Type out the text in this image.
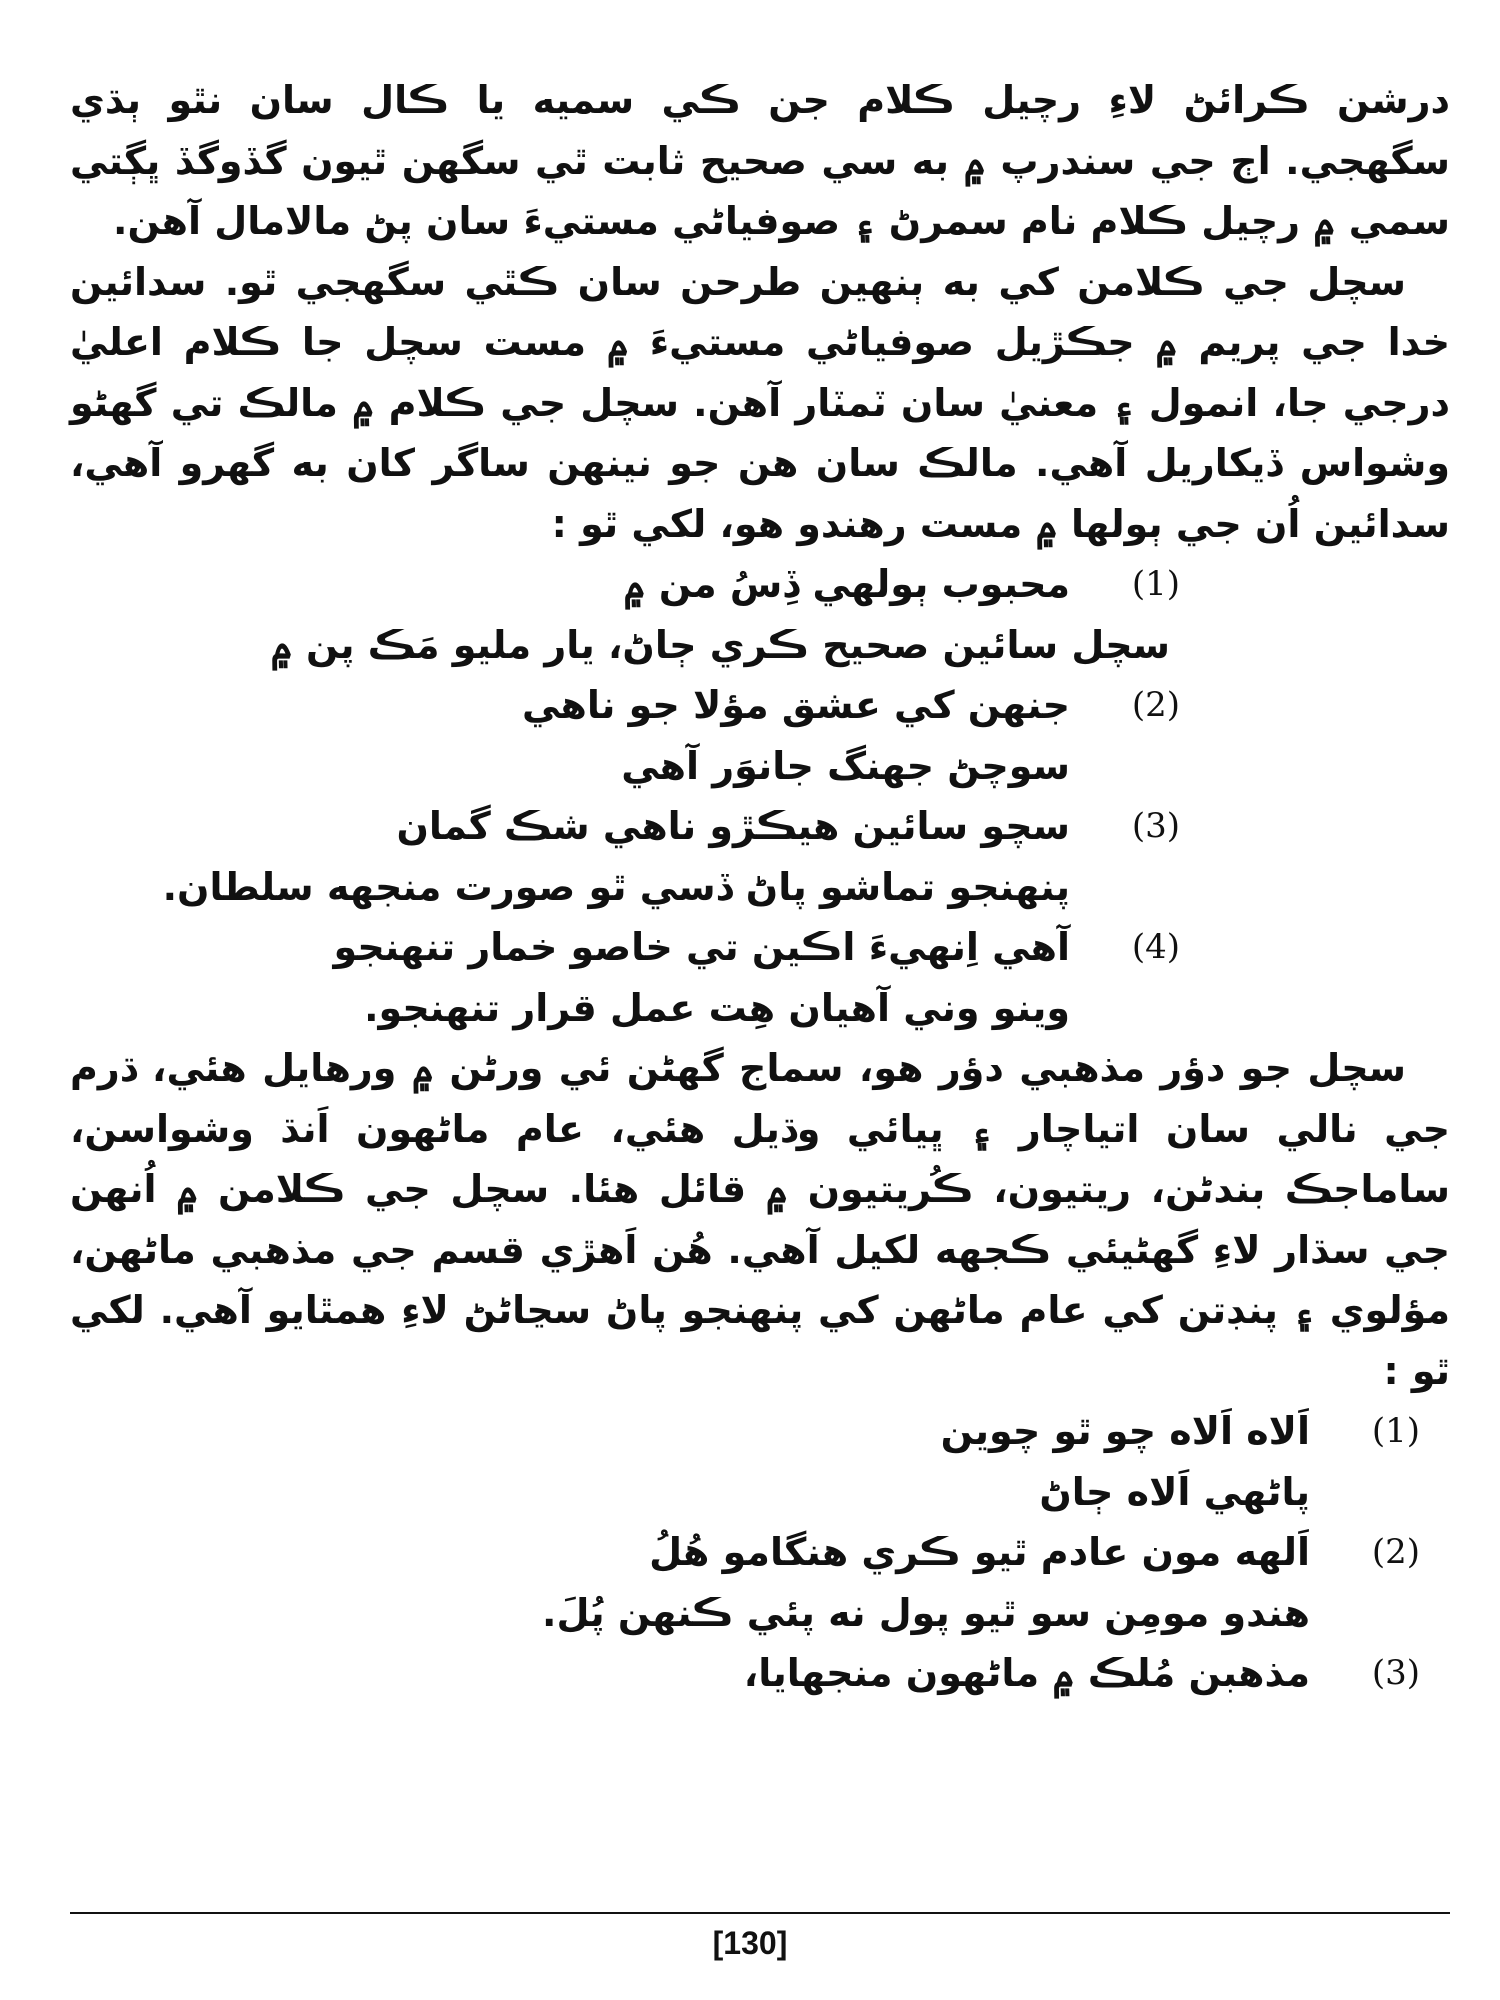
درشن ڪرائڻ لاءِ رچيل ڪلام جن ڪي سميه يا ڪال سان نٿو ٻڌي سگهجي. اڄ جي سندرپ ۾ به سي صحيح ثابت ٿي سگهن ٿيون گڏوگڏ ڀڳتي سمي ۾ رچيل ڪلام نام سمرڻ ۽ صوفياڻي مستيءَ سان پڻ مالامال آهن.

سچل جي ڪلامن کي به ٻنهين طرحن سان ڪٿي سگهجي ٿو. سدائين خدا جي پريم ۾ جڪڙيل صوفياڻي مستيءَ ۾ مست سچل جا ڪلام اعليٰ درجي جا، انمول ۽ معنيٰ سان ٽمٽار آهن. سچل جي ڪلام ۾ مالڪ تي گهڻو وشواس ڏيکاريل آهي. مالڪ سان هن جو نينهن ساگر کان به گهرو آهي، سدائين اُن جي ٻولها ۾ مست رهندو هو، لکي ٿو :

(1)
محبوب ٻولهي ڏِسُ من ۾
سچل سائين صحيح ڪري ڄاڻ، يار مليو مَڪ پن ۾
(2)
جنهن کي عشق مؤلا جو ناهي
سوچڻ جهنگ جانوَر آهي
(3)
سچو سائين هيڪڙو ناهي شڪ گمان
پنهنجو تماشو پاڻ ڏسي ٿو صورت منجهه سلطان.
(4)
آهي اِنهيءَ اڪين تي خاصو خمار تنهنجو
وينو وني آهيان هِت عمل قرار تنهنجو.

سچل جو دؤر مذهبي دؤر هو، سماج گهڻن ئي ورڻن ۾ ورهايل هئي، ڌرم جي نالي سان اتياچار ۽ ڀيائي وڌيل هئي، عام ماڻهون اَنڌ وشواسن، ساماجڪ بندڻن، ريتيون، ڪُريتيون ۾ قائل هئا. سچل جي ڪلامن ۾ اُنهن جي سڌار لاءِ گهڻيئي ڪجهه لکيل آهي. هُن اَهڙي قسم جي مذهبي ماڻهن، مؤلوي ۽ پنڊتن کي عام ماڻهن کي پنهنجو پاڻ سڃاڻڻ لاءِ همٿايو آهي. لکي ٿو :

(1)
اَلاه اَلاه چو ٿو چوين
پاڻهي اَلاه ڄاڻ
(2)
اَلهه مون عادم ٿيو ڪري هنگامو هُلُ
هندو مومِن سو ٿيو پول نه پئي ڪنهن پُلَ.
(3)
مذهبن مُلڪ ۾ ماڻهون منجهايا،
[130]
